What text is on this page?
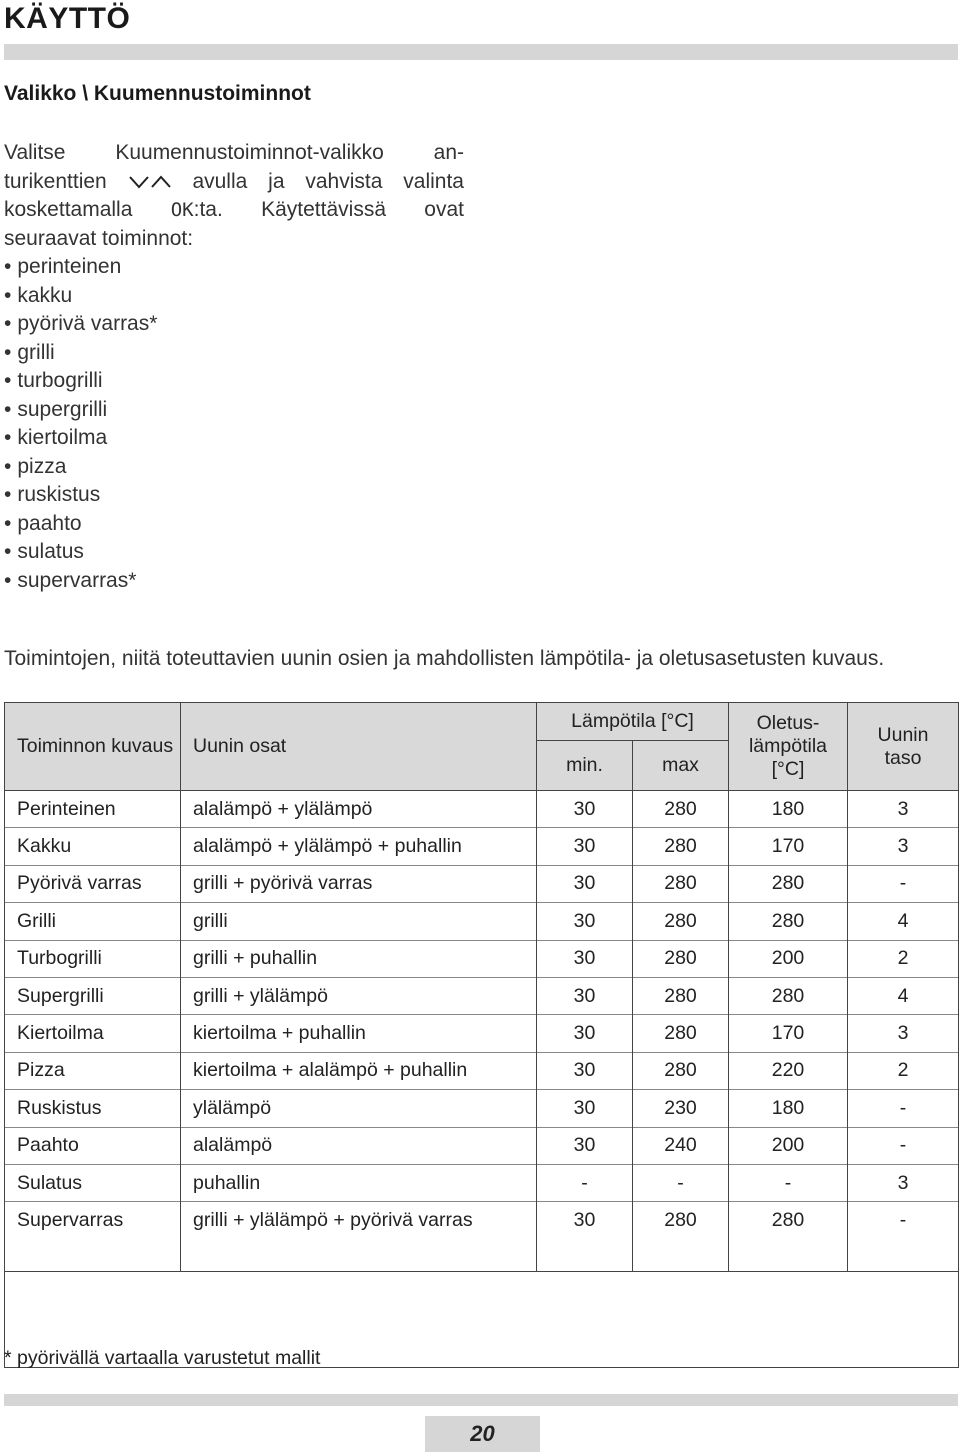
KÄYTTÖ
Valikko \ Kuumennustoiminnot
Valitse Kuumennustoiminnot-valikko an-
turikenttien	avulla ja vahvista valinta
koskettamalla OK:ta. Käytettävissä ovat
seuraavat toiminnot:
• perinteinen
• kakku
• pyörivä varras*
• grilli
• turbogrilli
• supergrilli
• kiertoilma
• pizza
• ruskistus
• paahto
• sulatus
• supervarras*
Toimintojen, niitä toteuttavien uunin osien ja mahdollisten lämpötila- ja oletusasetusten kuvaus.
Toiminnon kuvaus	Uunin osat	Lämpötila [°C]		Oletus-lämpötila [°C]	Uunin taso
		min.	max		
Perinteinen	alalämpö + ylälämpö	30	280	180	3
Kakku	alalämpö + ylälämpö + puhallin	30	280	170	3
Pyörivä varras	grilli + pyörivä varras	30	280	280	-
Grilli	grilli	30	280	280	4
Turbogrilli	grilli + puhallin	30	280	200	2
Supergrilli	grilli + ylälämpö	30	280	280	4
Kiertoilma	kiertoilma + puhallin	30	280	170	3
Pizza	kiertoilma + alalämpö + puhallin	30	280	220	2
Ruskistus	ylälämpö	30	230	180	-
Paahto	alalämpö	30	240	200	-
Sulatus	puhallin	-	-	-	3
Supervarras	grilli + ylälämpö + pyörivä varras	30	280	280	-

* pyörivällä vartaalla varustetut mallit
20
